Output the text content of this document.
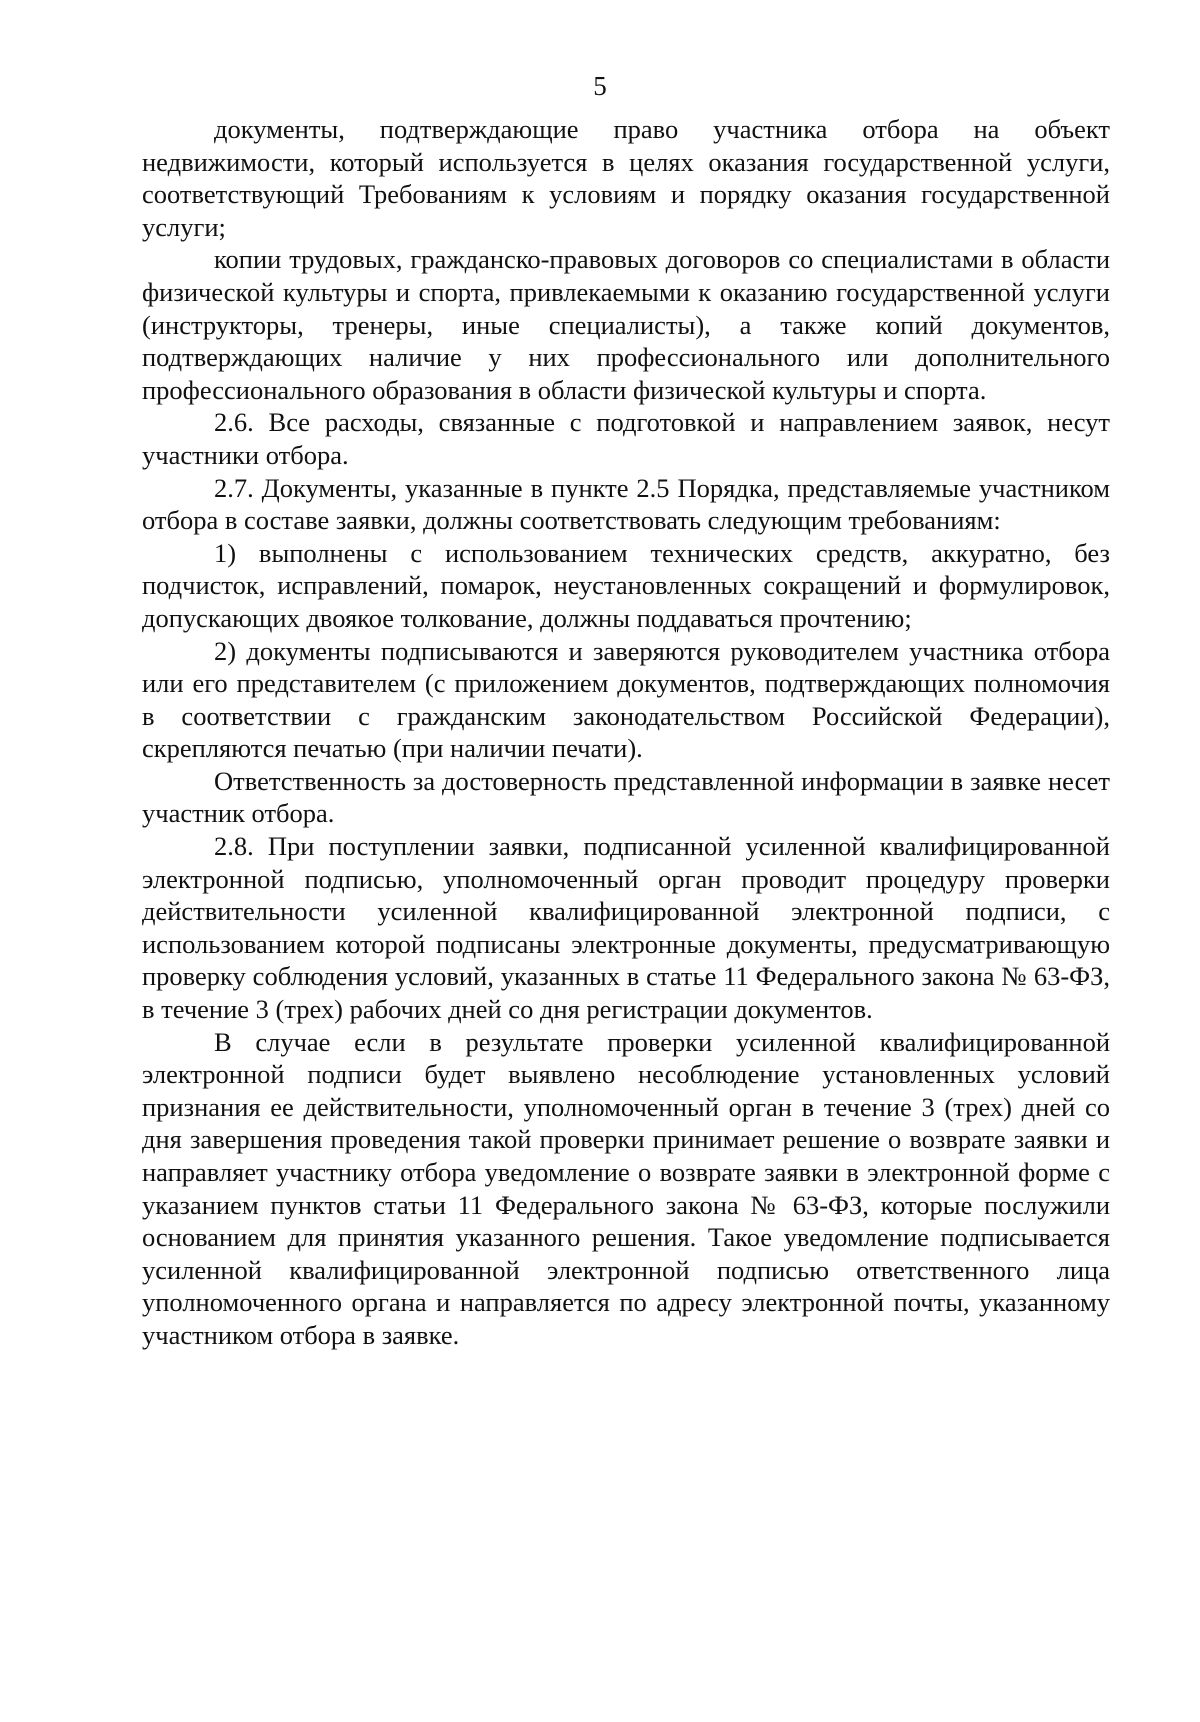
5

документы, подтверждающие право участника отбора на объект недвижимости, который используется в целях оказания государственной услуги, соответствующий Требованиям к условиям и порядку оказания государственной услуги;

копии трудовых, гражданско-правовых договоров со специалистами в области физической культуры и спорта, привлекаемыми к оказанию государственной услуги (инструкторы, тренеры, иные специалисты), а также копий документов, подтверждающих наличие у них профессионального или дополнительного профессионального образования в области физической культуры и спорта.

2.6. Все расходы, связанные с подготовкой и направлением заявок, несут участники отбора.

2.7. Документы, указанные в пункте 2.5 Порядка, представляемые участником отбора в составе заявки, должны соответствовать следующим требованиям:

1) выполнены с использованием технических средств, аккуратно, без подчисток, исправлений, помарок, неустановленных сокращений и формулировок, допускающих двоякое толкование, должны поддаваться прочтению;

2) документы подписываются и заверяются руководителем участника отбора или его представителем (с приложением документов, подтверждающих полномочия в соответствии с гражданским законодательством Российской Федерации), скрепляются печатью (при наличии печати).

Ответственность за достоверность представленной информации в заявке несет участник отбора.

2.8. При поступлении заявки, подписанной усиленной квалифицированной электронной подписью, уполномоченный орган проводит процедуру проверки действительности усиленной квалифицированной электронной подписи, с использованием которой подписаны электронные документы, предусматривающую проверку соблюдения условий, указанных в статье 11 Федерального закона № 63-ФЗ, в течение 3 (трех) рабочих дней со дня регистрации документов.

В случае если в результате проверки усиленной квалифицированной электронной подписи будет выявлено несоблюдение установленных условий признания ее действительности, уполномоченный орган в течение 3 (трех) дней со дня завершения проведения такой проверки принимает решение о возврате заявки и направляет участнику отбора уведомление о возврате заявки в электронной форме с указанием пунктов статьи 11 Федерального закона № 63-ФЗ, которые послужили основанием для принятия указанного решения. Такое уведомление подписывается усиленной квалифицированной электронной подписью ответственного лица уполномоченного органа и направляется по адресу электронной почты, указанному участником отбора в заявке.
